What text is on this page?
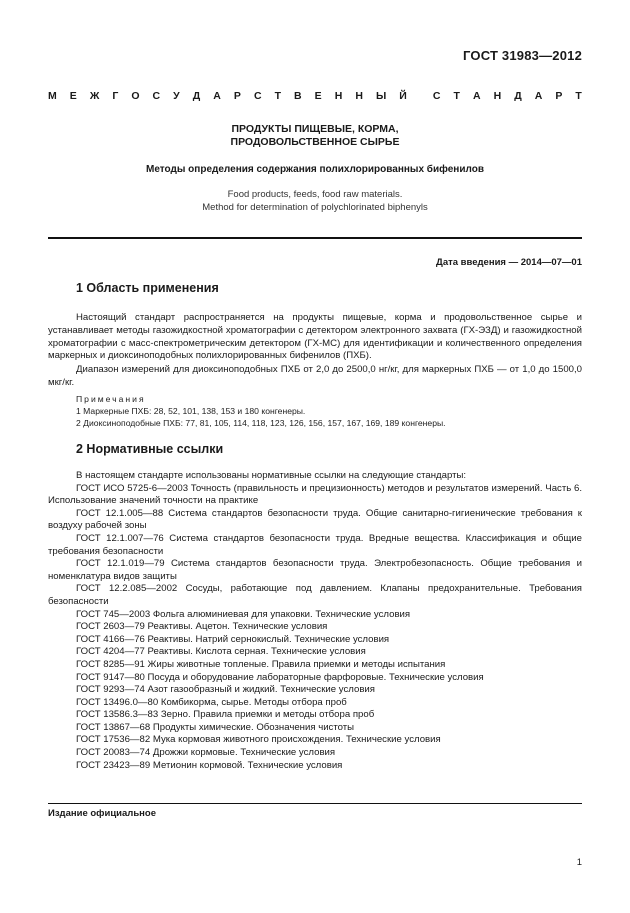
ГОСТ 31983—2012
М Е Ж Г О С У Д А Р С Т В Е Н Н Ы Й С Т А Н Д А Р Т

ПРОДУКТЫ ПИЩЕВЫЕ, КОРМА,

ПРОДОВОЛЬСТВЕННОЕ СЫРЬЕ

Методы определения содержания полихлорированных бифенилов

Food products, feeds, food raw materials.
Method for determination of polychlorinated biphenyls

Дата введения — 2014—07—01
1 Область применения

Настоящий стандарт распространяется на продукты пищевые, корма и продовольственное сырье и устанавливает методы газожидкостной хроматографии с детектором электронного захвата (ГХ-ЭЗД) и газожидкостной хроматографии с масс-спектрометрическим детектором (ГХ-МС) для идентификации и количественного определения маркерных и диоксиноподобных полихлорированных бифенилов (ПХБ).

Диапазон измерений для диоксиноподобных ПХБ от 2,0 до 2500,0 нг/кг, для маркерных ПХБ — от 1,0 до 1500,0 мкг/кг.

Примечания
1 Маркерные ПХБ: 28, 52, 101, 138, 153 и 180 конгенеры.
2 Диоксиноподобные ПХБ: 77, 81, 105, 114, 118, 123, 126, 156, 157, 167, 169, 189 конгенеры.
2 Нормативные ссылки

В настоящем стандарте использованы нормативные ссылки на следующие стандарты:

ГОСТ ИСО 5725-6—2003 Точность (правильность и прецизионность) методов и результатов измерений. Часть 6. Использование значений точности на практике

ГОСТ 12.1.005—88 Система стандартов безопасности труда. Общие санитарно-гигиенические требования к воздуху рабочей зоны

ГОСТ 12.1.007—76 Система стандартов безопасности труда. Вредные вещества. Классификация и общие требования безопасности

ГОСТ 12.1.019—79 Система стандартов безопасности труда. Электробезопасность. Общие требования и номенклатура видов защиты

ГОСТ 12.2.085—2002 Сосуды, работающие под давлением. Клапаны предохранительные. Требования безопасности

ГОСТ 745—2003 Фольга алюминиевая для упаковки. Технические условия

ГОСТ 2603—79 Реактивы. Ацетон. Технические условия

ГОСТ 4166—76 Реактивы. Натрий сернокислый. Технические условия

ГОСТ 4204—77 Реактивы. Кислота серная. Технические условия

ГОСТ 8285—91 Жиры животные топленые. Правила приемки и методы испытания

ГОСТ 9147—80 Посуда и оборудование лабораторные фарфоровые. Технические условия

ГОСТ 9293—74 Азот газообразный и жидкий. Технические условия

ГОСТ 13496.0—80 Комбикорма, сырье. Методы отбора проб

ГОСТ 13586.3—83 Зерно. Правила приемки и методы отбора проб

ГОСТ 13867—68 Продукты химические. Обозначения чистоты

ГОСТ 17536—82 Мука кормовая животного происхождения. Технические условия

ГОСТ 20083—74 Дрожжи кормовые. Технические условия

ГОСТ 23423—89 Метионин кормовой. Технические условия

Издание официальное
1
